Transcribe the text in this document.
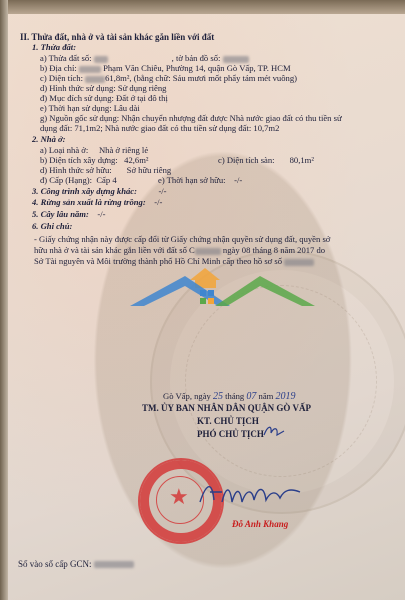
II. Thửa đất, nhà ở và tài sản khác gắn liền với đất
1. Thửa đất:
a) Thửa đất số:	, tờ bản đồ số:
b) Địa chỉ:	Phạm Văn Chiêu, Phường 14, quận Gò Vấp, TP. HCM
c) Diện tích:	61,8m², (bằng chữ: Sáu mươi mốt phẩy tám mét vuông)
d) Hình thức sử dụng: Sử dụng riêng
đ) Mục đích sử dụng: Đất ở tại đô thị
e) Thời hạn sử dụng: Lâu dài
g) Nguồn gốc sử dụng: Nhận chuyển nhượng đất được Nhà nước giao đất có thu tiền sử
dụng đất: 71,1m2; Nhà nước giao đất có thu tiền sử dụng đất: 10,7m2
2. Nhà ở:
a) Loại nhà ở: Nhà ở riêng lẻ
b) Diện tích xây dựng: 42,6m²	c) Diện tích sàn: 80,1m²
d) Hình thức sở hữu: Sở hữu riêng
đ) Cấp (Hạng): Cấp 4	e) Thời hạn sở hữu: -/-
3. Công trình xây dựng khác: -/-
4. Rừng sản xuất là rừng trồng: -/-
5. Cây lâu năm: -/-
6. Ghi chú:
- Giấy chứng nhận này được cấp đổi từ Giấy chứng nhận quyền sử dụng đất, quyền sở
hữu nhà ở và tài sản khác gắn liền với đất số C	ngày 08 tháng 8 năm 2017 do
Sở Tài nguyên và Môi trường thành phố Hồ Chí Minh cấp theo hồ sơ số
Gò Vấp, ngày 25 tháng 07 năm 2019
TM. ỦY BAN NHÂN DÂN QUẬN GÒ VẤP
KT. CHỦ TỊCH
PHÓ CHỦ TỊCH
★
Đỗ Anh Khang
Số vào sổ cấp GCN:
